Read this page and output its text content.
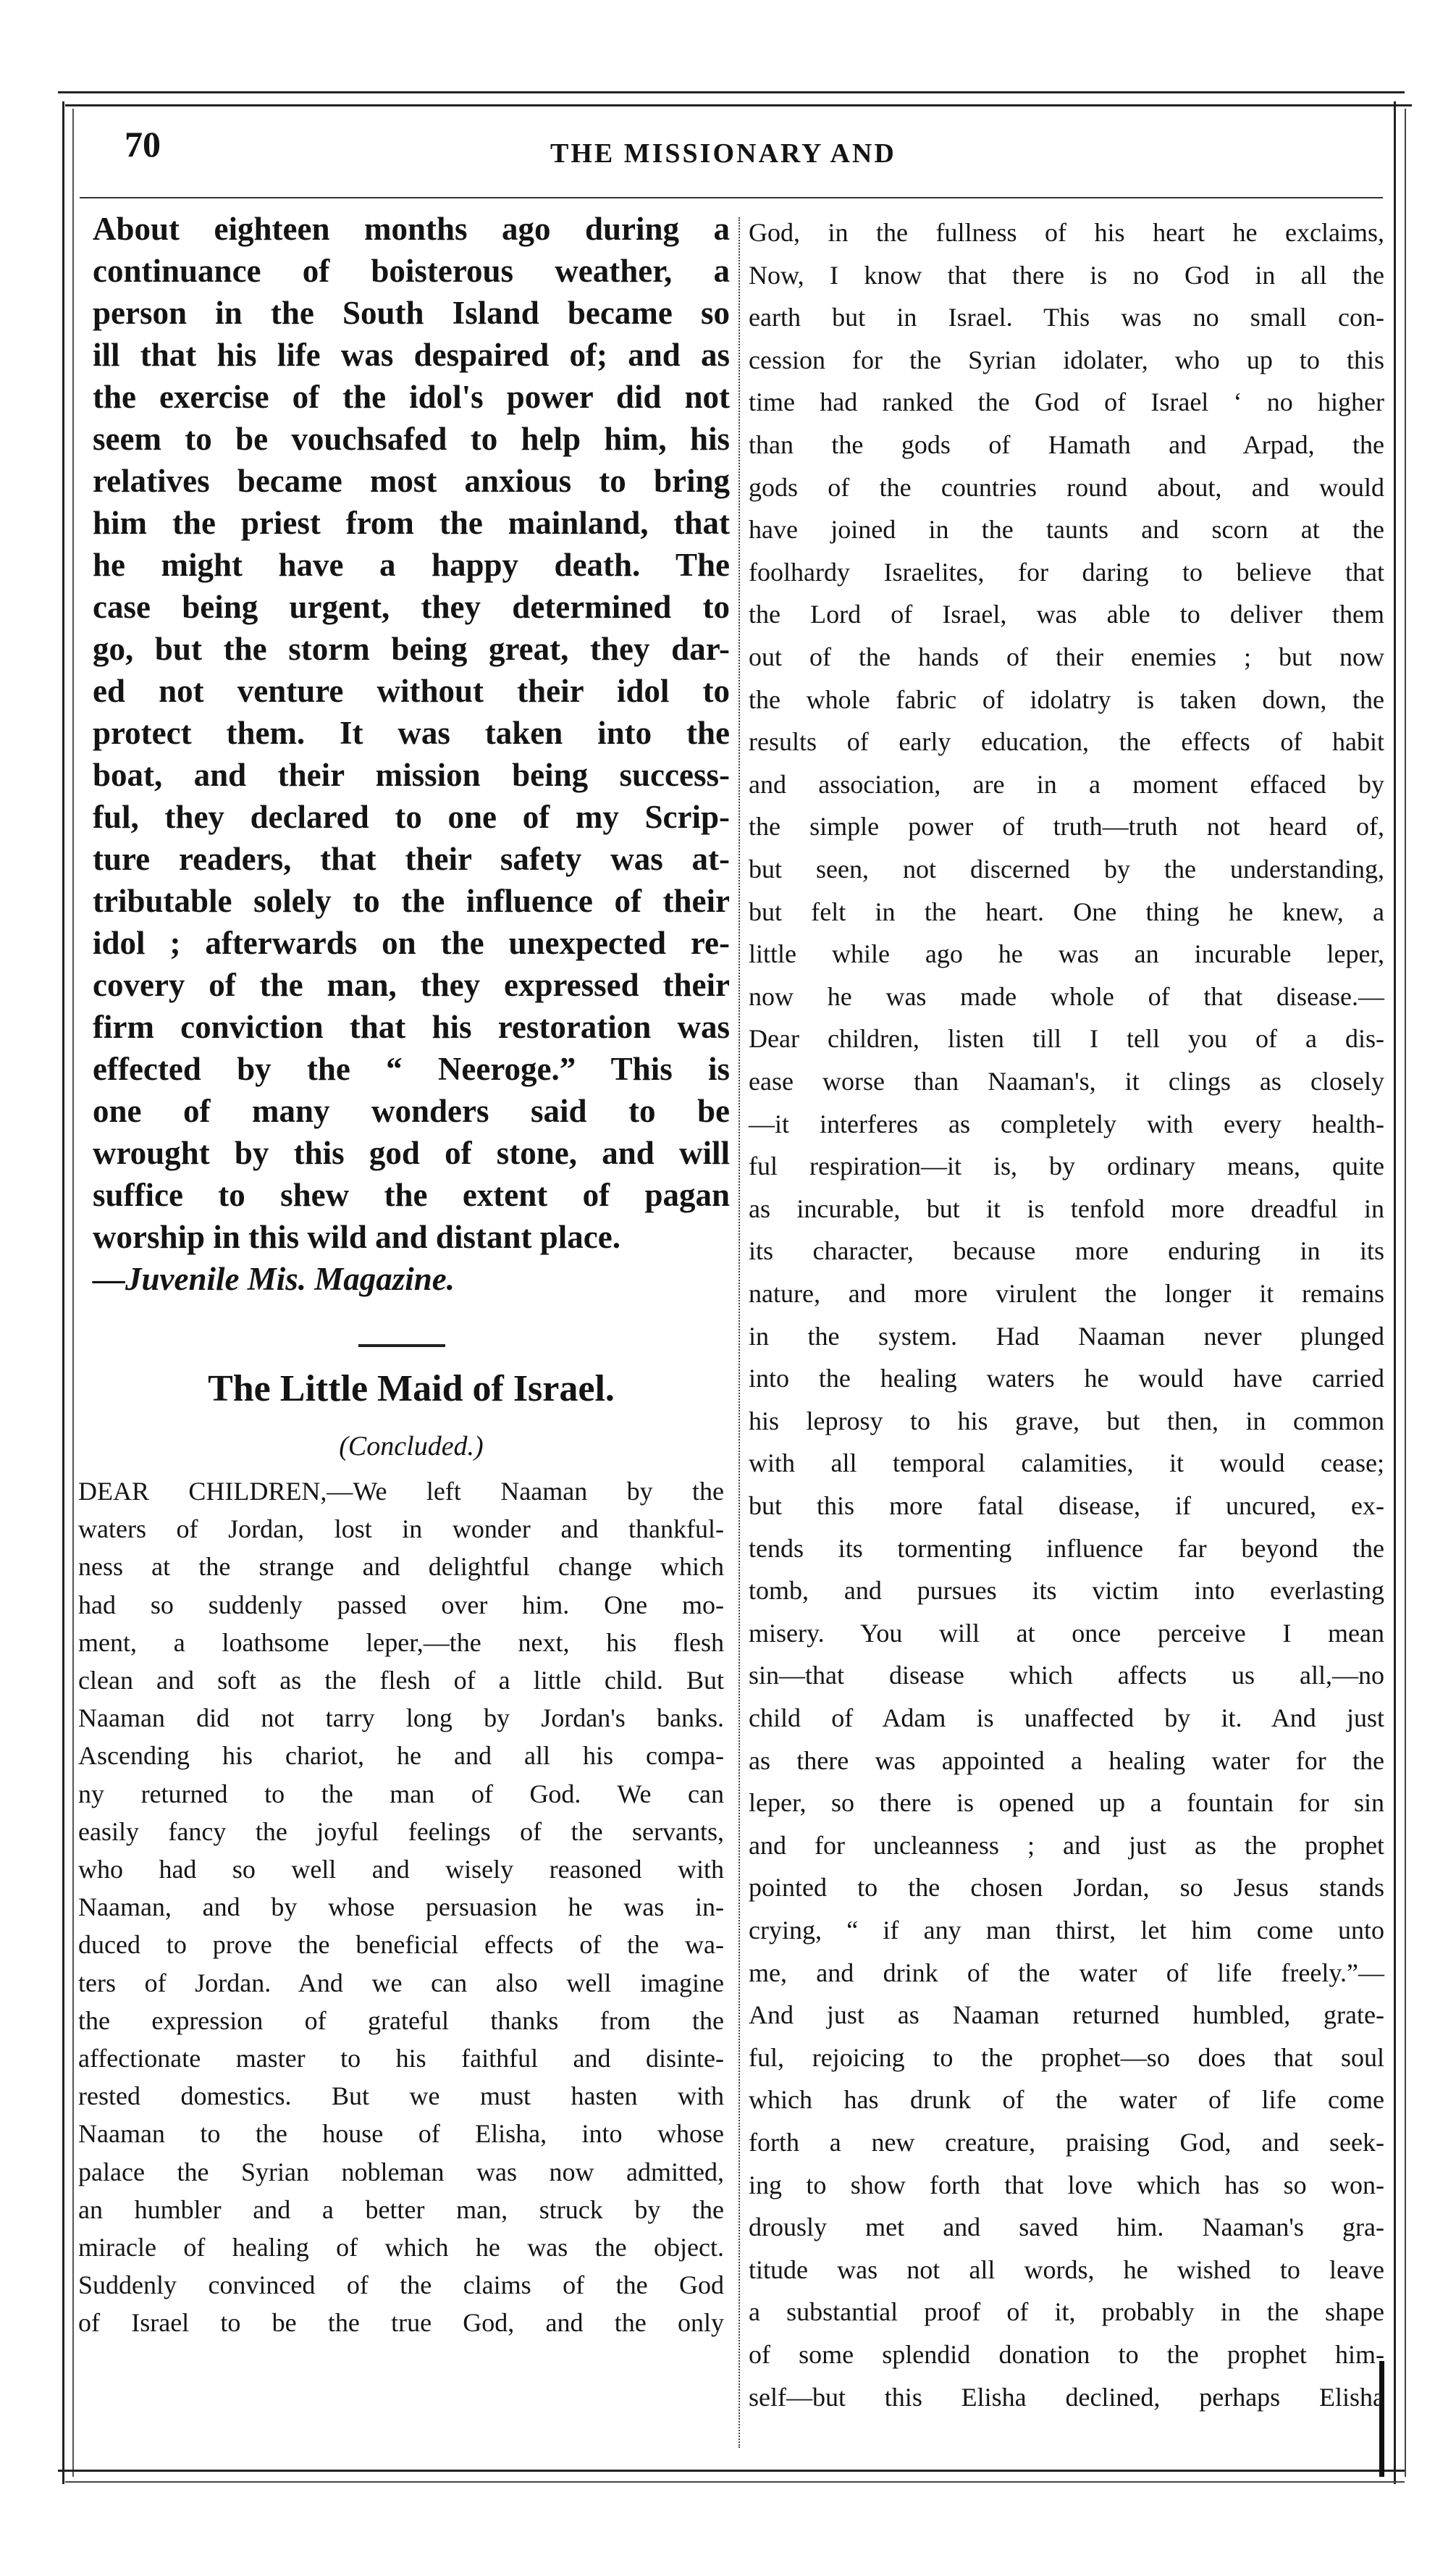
70	THE MISSIONARY AND
About eighteen months ago during a
continuance of boisterous weather, a
person in the South Island became so
ill that his life was despaired of; and as
the exercise of the idol's power did not
seem to be vouchsafed to help him, his
relatives became most anxious to bring
him the priest from the mainland, that
he might have a happy death. The
case being urgent, they determined to
go, but the storm being great, they dar-
ed not venture without their idol to
protect them. It was taken into the
boat, and their mission being success-
ful, they declared to one of my Scrip-
ture readers, that their safety was at-
tributable solely to the influence of their
idol ; afterwards on the unexpected re-
covery of the man, they expressed their
firm conviction that his restoration was
effected by the “ Neeroge.” This is
one of many wonders said to be
wrought by this god of stone, and will
suffice to shew the extent of pagan
worship in this wild and distant place.
—Juvenile Mis. Magazine.
The Little Maid of Israel.
(Concluded.)
DEAR CHILDREN,—We left Naaman by the
waters of Jordan, lost in wonder and thankful-
ness at the strange and delightful change which
had so suddenly passed over him. One mo-
ment, a loathsome leper,—the next, his flesh
clean and soft as the flesh of a little child. But
Naaman did not tarry long by Jordan's banks.
Ascending his chariot, he and all his compa-
ny returned to the man of God. We can
easily fancy the joyful feelings of the servants,
who had so well and wisely reasoned with
Naaman, and by whose persuasion he was in-
duced to prove the beneficial effects of the wa-
ters of Jordan. And we can also well imagine
the expression of grateful thanks from the
affectionate master to his faithful and disinte-
rested domestics. But we must hasten with
Naaman to the house of Elisha, into whose
palace the Syrian nobleman was now admitted,
an humbler and a better man, struck by the
miracle of healing of which he was the object.
Suddenly convinced of the claims of the God
of Israel to be the true God, and the only
God, in the fullness of his heart he exclaims,
Now, I know that there is no God in all the
earth but in Israel. This was no small con-
cession for the Syrian idolater, who up to this
time had ranked the God of Israel ‘ no higher
than the gods of Hamath and Arpad, the
gods of the countries round about, and would
have joined in the taunts and scorn at the
foolhardy Israelites, for daring to believe that
the Lord of Israel, was able to deliver them
out of the hands of their enemies ; but now
the whole fabric of idolatry is taken down, the
results of early education, the effects of habit
and association, are in a moment effaced by
the simple power of truth—truth not heard of,
but seen, not discerned by the understanding,
but felt in the heart. One thing he knew, a
little while ago he was an incurable leper,
now he was made whole of that disease.—
Dear children, listen till I tell you of a dis-
ease worse than Naaman's, it clings as closely
—it interferes as completely with every health-
ful respiration—it is, by ordinary means, quite
as incurable, but it is tenfold more dreadful in
its character, because more enduring in its
nature, and more virulent the longer it remains
in the system. Had Naaman never plunged
into the healing waters he would have carried
his leprosy to his grave, but then, in common
with all temporal calamities, it would cease;
but this more fatal disease, if uncured, ex-
tends its tormenting influence far beyond the
tomb, and pursues its victim into everlasting
misery. You will at once perceive I mean
sin—that disease which affects us all,—no
child of Adam is unaffected by it. And just
as there was appointed a healing water for the
leper, so there is opened up a fountain for sin
and for uncleanness ; and just as the prophet
pointed to the chosen Jordan, so Jesus stands
crying, “ if any man thirst, let him come unto
me, and drink of the water of life freely.”—
And just as Naaman returned humbled, grate-
ful, rejoicing to the prophet—so does that soul
which has drunk of the water of life come
forth a new creature, praising God, and seek-
ing to show forth that love which has so won-
drously met and saved him. Naaman's gra-
titude was not all words, he wished to leave
a substantial proof of it, probably in the shape
of some splendid donation to the prophet him-
self—but this Elisha declined, perhaps Elisha
